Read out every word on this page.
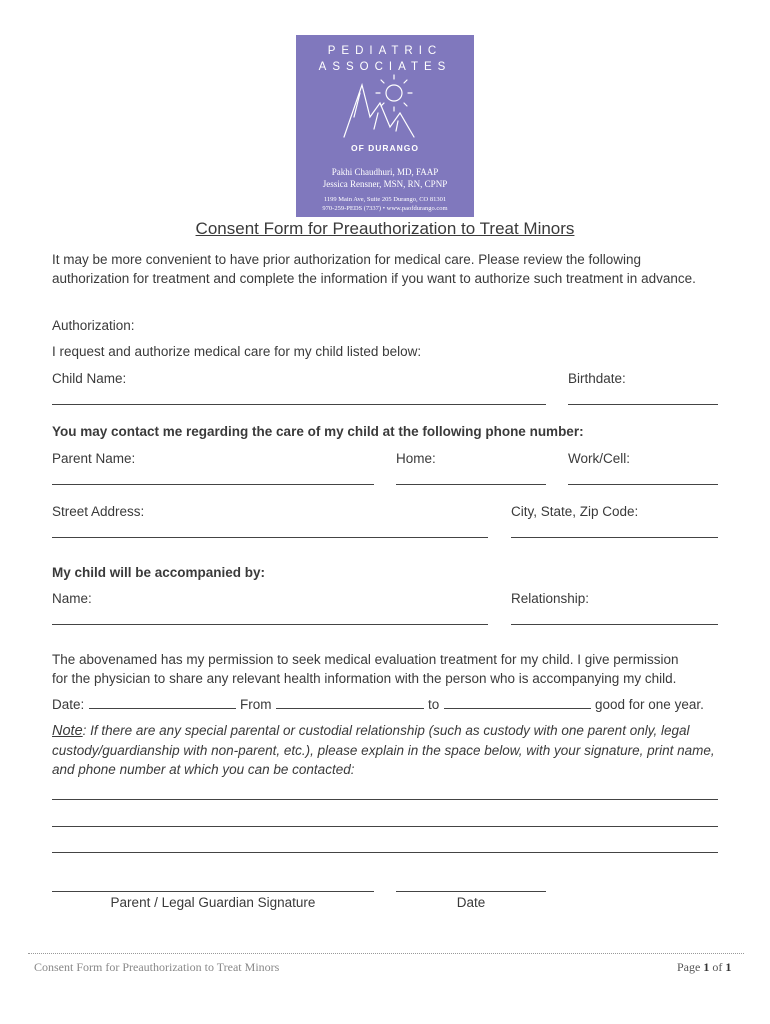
PEDIATRIC
ASSOCIATES
OF DURANGO
Pakhi Chaudhuri, MD, FAAP
Jessica Rensner, MSN, RN, CPNP
1199 Main Ave, Suite 205 Durango, CO 81301
970-259-PEDS (7337) • www.paofdurango.com
Consent Form for Preauthorization to Treat Minors
It may be more convenient to have prior authorization for medical care. Please review the following authorization for treatment and complete the information if you want to authorize such treatment in advance.
Authorization:
I request and authorize medical care for my child listed below:
Child Name:	Birthdate:
You may contact me regarding the care of my child at the following phone number:
Parent Name:	Home:	Work/Cell:
Street Address:	City, State, Zip Code:
My child will be accompanied by:
Name:	Relationship:
The abovenamed has my permission to seek medical evaluation treatment for my child. I give permission
for the physician to share any relevant health information with the person who is accompanying my child.
Date:	From	to	good for one year.
Note: If there are any special parental or custodial relationship (such as custody with one parent only, legal custody/guardianship with non-parent, etc.), please explain in the space below, with your signature, print name, and phone number at which you can be contacted:
Parent / Legal Guardian Signature	Date
Consent Form for Preauthorization to Treat Minors	Page 1 of 1
